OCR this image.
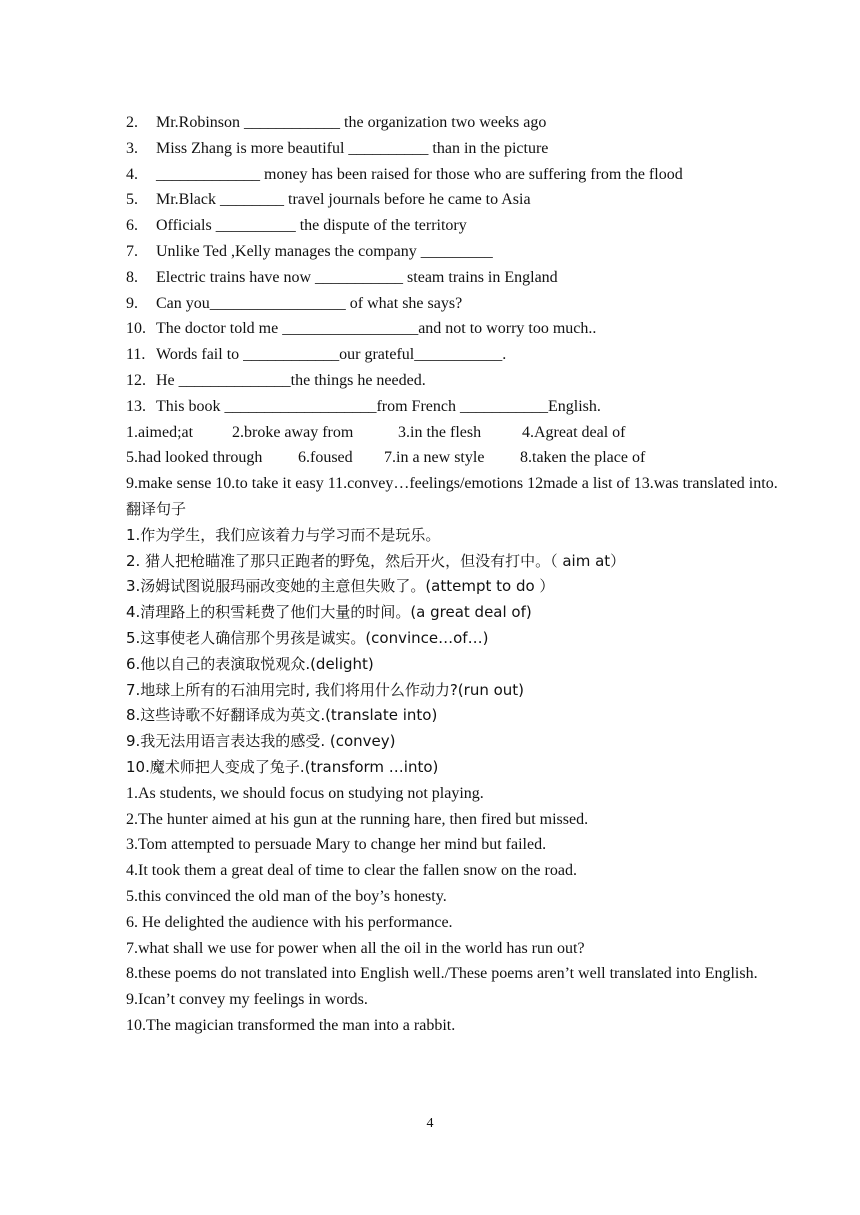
2. Mr.Robinson ____________ the organization two weeks ago
3. Miss Zhang is more beautiful __________ than in the picture
4. _____________ money has been raised for those who are suffering from the flood
5. Mr.Black ________ travel journals before he came to Asia
6. Officials __________ the dispute of the territory
7. Unlike Ted ,Kelly manages the company _________
8. Electric trains have now ___________ steam trains in England
9. Can you_________________ of what she says?
10. The doctor told me _________________and not to worry too much..
11. Words fail to ____________our grateful___________.
12. He ______________the things he needed.
13. This book ___________________from French ___________English.
1.aimed;at 2.broke away from	3.in the flesh	4.Agreat deal of
5.had looked through 6.foused 7.in a new style 8.taken the place of
9.make sense 10.to take it easy 11.convey…feelings/emotions 12made a list of 13.was translated into.
翻译句子
1.作为学生，我们应该着力与学习而不是玩乐。
2. 猎人把枪瞄准了那只正跑者的野兔，然后开火，但没有打中。（ aim at）
3.汤姆试图说服玛丽改变她的主意但失败了。(attempt to do ）
4.清理路上的积雪耗费了他们大量的时间。(a great deal of)
5.这事使老人确信那个男孩是诚实。(convince…of…)
6.他以自己的表演取悦观众.(delight)
7.地球上所有的石油用完时, 我们将用什么作动力?(run out)
8.这些诗歌不好翻译成为英文.(translate into)
9.我无法用语言表达我的感受. (convey)
10.魔术师把人变成了兔子.(transform …into)
1.As students, we should focus on studying not playing.
2.The hunter aimed at his gun at the running hare, then fired but missed.
3.Tom attempted to persuade Mary to change her mind but failed.
4.It took them a great deal of time to clear the fallen snow on the road.
5.this convinced the old man of the boy’s honesty.
6. He delighted the audience with his performance.
7.what shall we use for power when all the oil in the world has run out?
8.these poems do not translated into English well./These poems aren’t well translated into English.
9.Ican’t convey my feelings in words.
10.The magician transformed the man into a rabbit.
4
